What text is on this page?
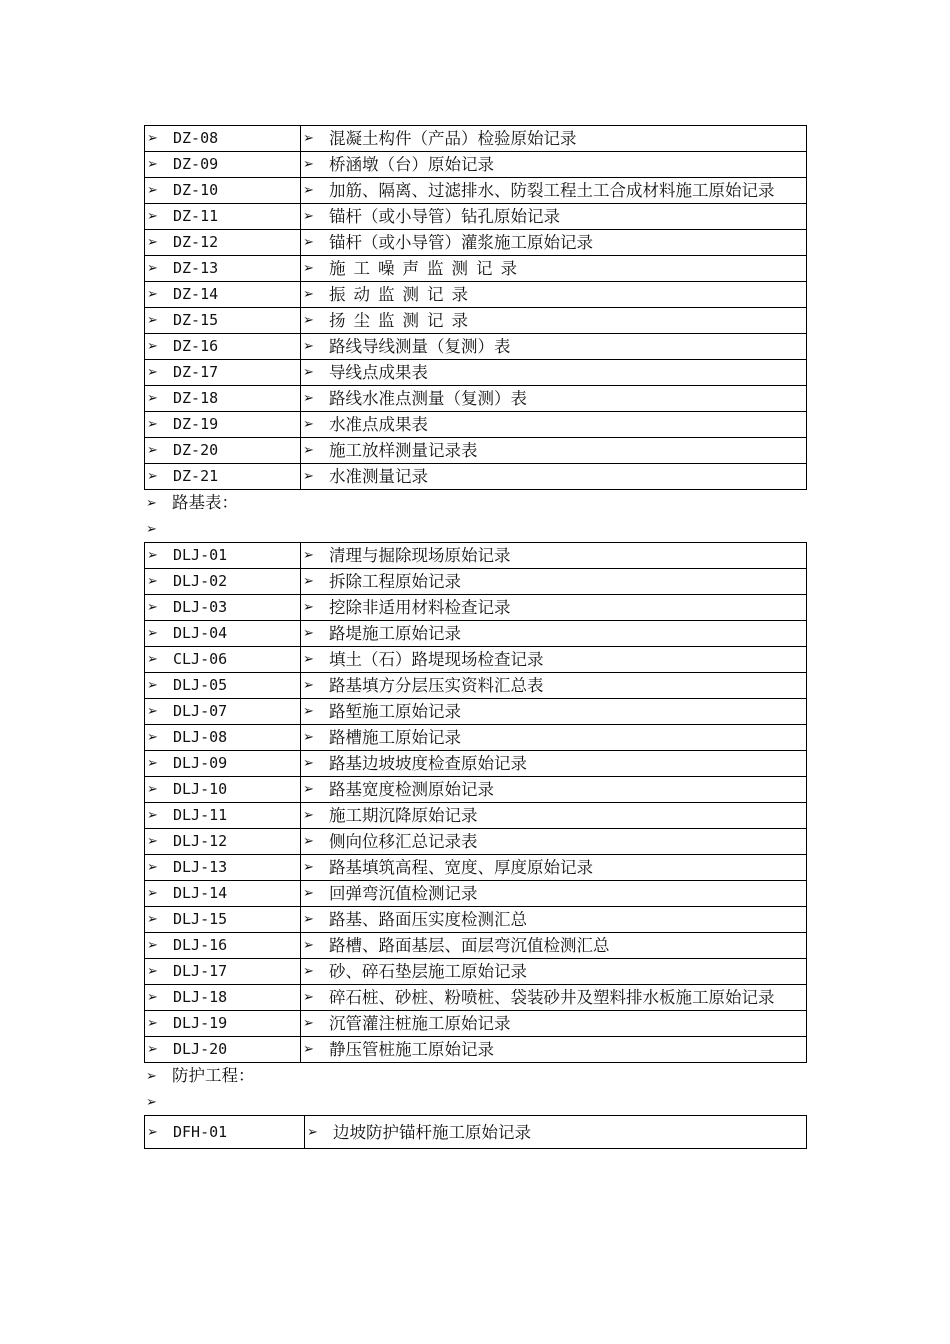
➢ DZ-08	➢ 混凝土构件（产品）检验原始记录

➢ DZ-09	➢ 桥涵墩（台）原始记录

➢ DZ-10	➢ 加筋、隔离、过滤排水、防裂工程土工合成材料施工原始记录

➢ DZ-11	➢ 锚杆（或小导管）钻孔原始记录

➢ DZ-12	➢ 锚杆（或小导管）灌浆施工原始记录

➢ DZ-13	➢ 施工噪声监测记录

➢ DZ-14	➢ 振动监测记录

➢ DZ-15	➢ 扬尘监测记录

➢ DZ-16	➢ 路线导线测量（复测）表

➢ DZ-17	➢ 导线点成果表

➢ DZ-18	➢ 路线水准点测量（复测）表

➢ DZ-19	➢ 水准点成果表

➢ DZ-20	➢ 施工放样测量记录表

➢ DZ-21	➢ 水准测量记录
➢ 路基表：
➢
➢ DLJ-01	➢ 清理与掘除现场原始记录

➢ DLJ-02	➢ 拆除工程原始记录

➢ DLJ-03	➢ 挖除非适用材料检查记录

➢ DLJ-04	➢ 路堤施工原始记录

➢ CLJ-06	➢ 填土（石）路堤现场检查记录

➢ DLJ-05	➢ 路基填方分层压实资料汇总表

➢ DLJ-07	➢ 路堑施工原始记录

➢ DLJ-08	➢ 路槽施工原始记录

➢ DLJ-09	➢ 路基边坡坡度检查原始记录

➢ DLJ-10	➢ 路基宽度检测原始记录

➢ DLJ-11	➢ 施工期沉降原始记录

➢ DLJ-12	➢ 侧向位移汇总记录表

➢ DLJ-13	➢ 路基填筑高程、宽度、厚度原始记录

➢ DLJ-14	➢ 回弹弯沉值检测记录

➢ DLJ-15	➢ 路基、路面压实度检测汇总

➢ DLJ-16	➢ 路槽、路面基层、面层弯沉值检测汇总

➢ DLJ-17	➢ 砂、碎石垫层施工原始记录

➢ DLJ-18	➢ 碎石桩、砂桩、粉喷桩、袋装砂井及塑料排水板施工原始记录

➢ DLJ-19	➢ 沉管灌注桩施工原始记录

➢ DLJ-20	➢ 静压管桩施工原始记录
➢ 防护工程：
➢
➢ DFH-01	➢ 边坡防护锚杆施工原始记录
